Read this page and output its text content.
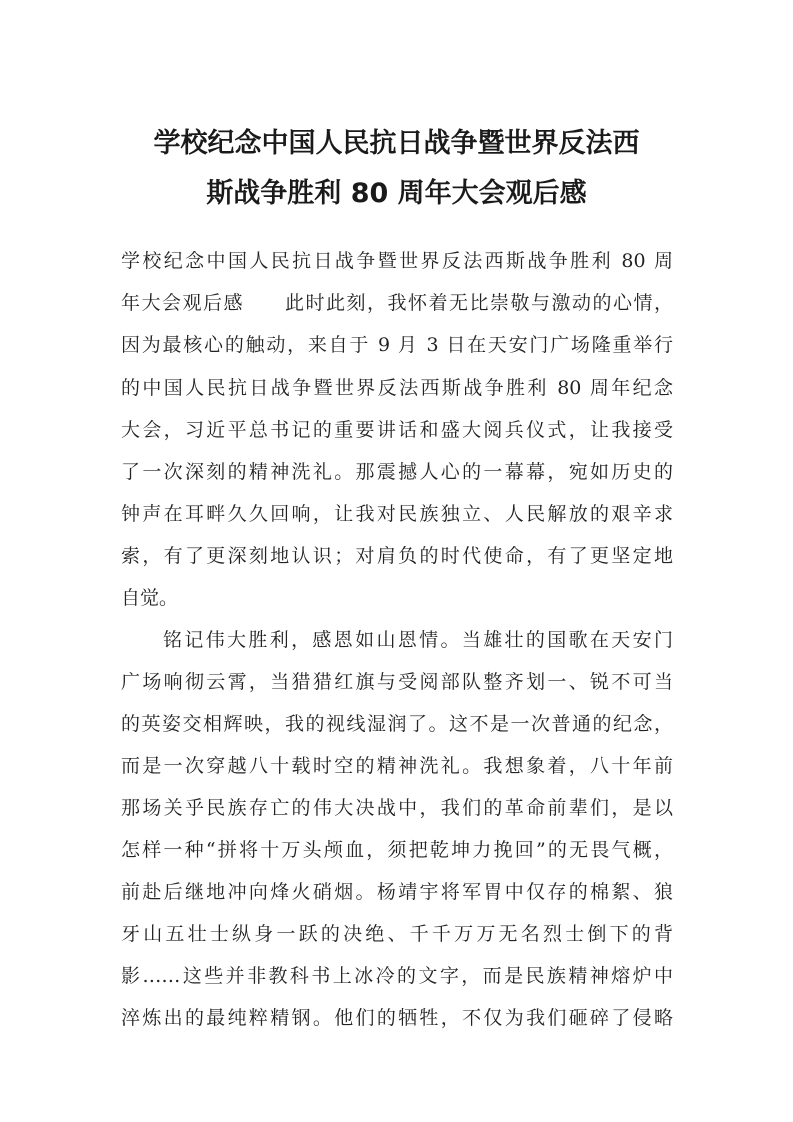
学校纪念中国人民抗日战争暨世界反法西
斯战争胜利 80 周年大会观后感
学校纪念中国人民抗日战争暨世界反法西斯战争胜利 80 周
年大会观后感　　此时此刻，我怀着无比崇敬与激动的心情，
因为最核心的触动，来自于 9 月 3 日在天安门广场隆重举行
的中国人民抗日战争暨世界反法西斯战争胜利 80 周年纪念
大会，习近平总书记的重要讲话和盛大阅兵仪式，让我接受
了一次深刻的精神洗礼。那震撼人心的一幕幕，宛如历史的
钟声在耳畔久久回响，让我对民族独立、人民解放的艰辛求
索，有了更深刻地认识；对肩负的时代使命，有了更坚定地
自觉。
铭记伟大胜利，感恩如山恩情。当雄壮的国歌在天安门
广场响彻云霄，当猎猎红旗与受阅部队整齐划一、锐不可当
的英姿交相辉映，我的视线湿润了。这不是一次普通的纪念，
而是一次穿越八十载时空的精神洗礼。我想象着，八十年前
那场关乎民族存亡的伟大决战中，我们的革命前辈们，是以
怎样一种“拼将十万头颅血，须把乾坤力挽回”的无畏气概，
前赴后继地冲向烽火硝烟。杨靖宇将军胃中仅存的棉絮、狼
牙山五壮士纵身一跃的决绝、千千万万无名烈士倒下的背
影……这些并非教科书上冰冷的文字，而是民族精神熔炉中
淬炼出的最纯粹精钢。他们的牺牲，不仅为我们砸碎了侵略
